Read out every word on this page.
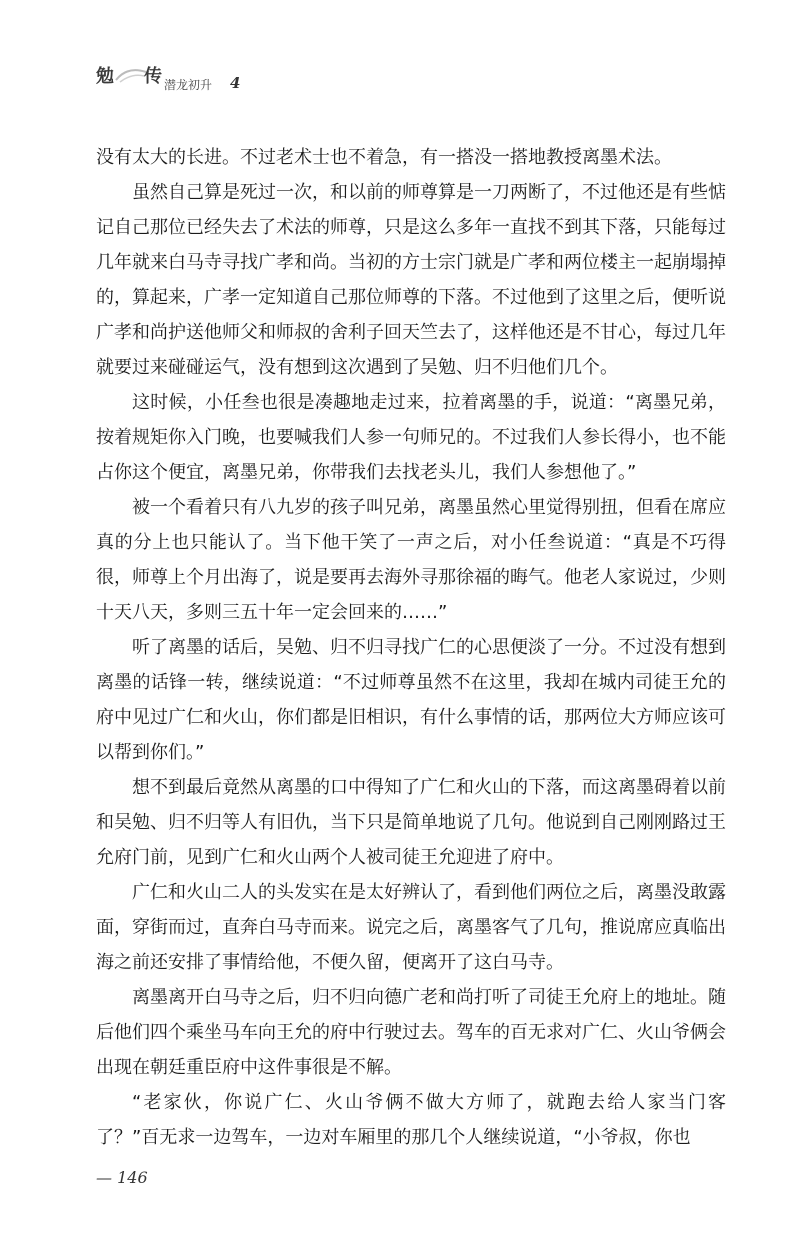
勉 传 潜龙初升 4

没有太大的长进。不过老术士也不着急，有一搭没一搭地教授离墨术法。

虽然自己算是死过一次，和以前的师尊算是一刀两断了，不过他还是有些惦记自己那位已经失去了术法的师尊，只是这么多年一直找不到其下落，只能每过几年就来白马寺寻找广孝和尚。当初的方士宗门就是广孝和两位楼主一起崩塌掉的，算起来，广孝一定知道自己那位师尊的下落。不过他到了这里之后，便听说广孝和尚护送他师父和师叔的舍利子回天竺去了，这样他还是不甘心，每过几年就要过来碰碰运气，没有想到这次遇到了吴勉、归不归他们几个。

这时候，小任叁也很是凑趣地走过来，拉着离墨的手，说道：“离墨兄弟，按着规矩你入门晚，也要喊我们人参一句师兄的。不过我们人参长得小，也不能占你这个便宜，离墨兄弟，你带我们去找老头儿，我们人参想他了。”

被一个看着只有八九岁的孩子叫兄弟，离墨虽然心里觉得别扭，但看在席应真的分上也只能认了。当下他干笑了一声之后，对小任叁说道：“真是不巧得很，师尊上个月出海了，说是要再去海外寻那徐福的晦气。他老人家说过，少则十天八天，多则三五十年一定会回来的……”

听了离墨的话后，吴勉、归不归寻找广仁的心思便淡了一分。不过没有想到离墨的话锋一转，继续说道：“不过师尊虽然不在这里，我却在城内司徒王允的府中见过广仁和火山，你们都是旧相识，有什么事情的话，那两位大方师应该可以帮到你们。”

想不到最后竟然从离墨的口中得知了广仁和火山的下落，而这离墨碍着以前和吴勉、归不归等人有旧仇，当下只是简单地说了几句。他说到自己刚刚路过王允府门前，见到广仁和火山两个人被司徒王允迎进了府中。

广仁和火山二人的头发实在是太好辨认了，看到他们两位之后，离墨没敢露面，穿街而过，直奔白马寺而来。说完之后，离墨客气了几句，推说席应真临出海之前还安排了事情给他，不便久留，便离开了这白马寺。

离墨离开白马寺之后，归不归向德广老和尚打听了司徒王允府上的地址。随后他们四个乘坐马车向王允的府中行驶过去。驾车的百无求对广仁、火山爷俩会出现在朝廷重臣府中这件事很是不解。

“老家伙，你说广仁、火山爷俩不做大方师了，就跑去给人家当门客了？”百无求一边驾车，一边对车厢里的那几个人继续说道，“小爷叔，你也

— 146
